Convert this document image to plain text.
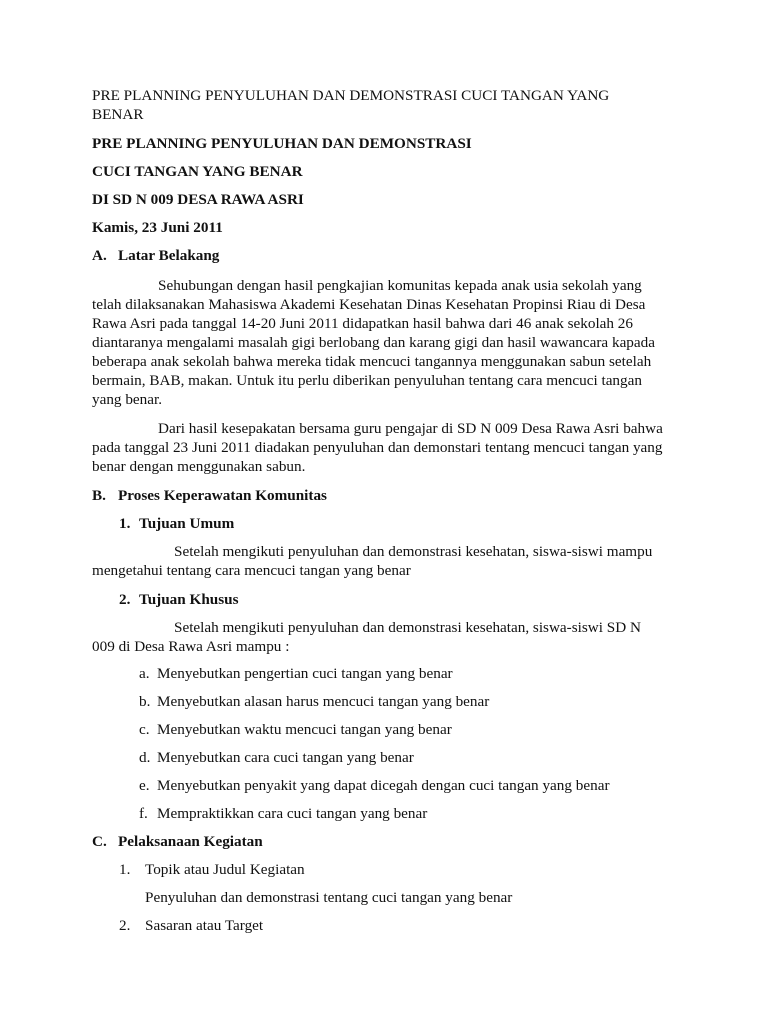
PRE PLANNING PENYULUHAN DAN DEMONSTRASI CUCI TANGAN YANG
BENAR
PRE PLANNING PENYULUHAN DAN DEMONSTRASI
CUCI TANGAN YANG BENAR
DI SD N 009 DESA RAWA ASRI
Kamis, 23 Juni 2011
A. Latar Belakang
Sehubungan dengan hasil pengkajian komunitas kepada anak usia sekolah yang
telah dilaksanakan Mahasiswa Akademi Kesehatan Dinas Kesehatan Propinsi Riau di Desa
Rawa Asri pada tanggal 14-20 Juni 2011 didapatkan hasil bahwa dari 46 anak sekolah 26
diantaranya mengalami masalah gigi berlobang dan karang gigi dan hasil wawancara kapada
beberapa anak sekolah bahwa mereka tidak mencuci tangannya menggunakan sabun setelah
bermain, BAB, makan. Untuk itu perlu diberikan penyuluhan tentang cara mencuci tangan
yang benar.
Dari hasil kesepakatan bersama guru pengajar di SD N 009 Desa Rawa Asri bahwa
pada tanggal 23 Juni 2011 diadakan penyuluhan dan demonstari tentang mencuci tangan yang
benar dengan menggunakan sabun.
B. Proses Keperawatan Komunitas
1. Tujuan Umum
Setelah mengikuti penyuluhan dan demonstrasi kesehatan, siswa-siswi mampu
mengetahui tentang cara mencuci tangan yang benar
2. Tujuan Khusus
Setelah mengikuti penyuluhan dan demonstrasi kesehatan, siswa-siswi SD N
009 di Desa Rawa Asri mampu :
a. Menyebutkan pengertian cuci tangan yang benar
b. Menyebutkan alasan harus mencuci tangan yang benar
c. Menyebutkan waktu mencuci tangan yang benar
d. Menyebutkan cara cuci tangan yang benar
e. Menyebutkan penyakit yang dapat dicegah dengan cuci tangan yang benar
f. Mempraktikkan cara cuci tangan yang benar
C. Pelaksanaan Kegiatan
1. Topik atau Judul Kegiatan
Penyuluhan dan demonstrasi tentang cuci tangan yang benar
2. Sasaran atau Target
